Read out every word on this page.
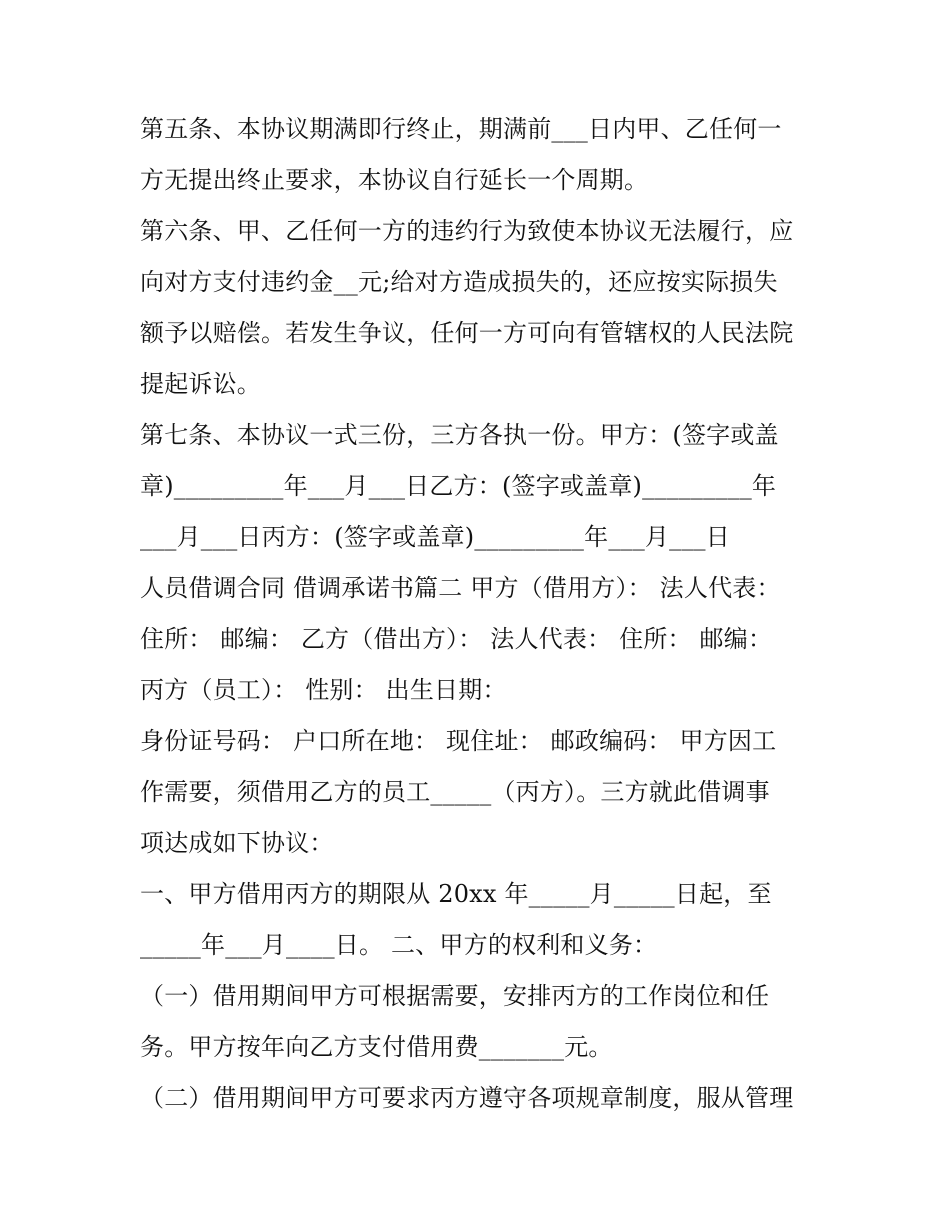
第五条、本协议期满即行终止，期满前___日内甲、乙任何一
方无提出终止要求，本协议自行延长一个周期。
第六条、甲、乙任何一方的违约行为致使本协议无法履行，应
向对方支付违约金__元;给对方造成损失的，还应按实际损失
额予以赔偿。若发生争议，任何一方可向有管辖权的人民法院
提起诉讼。
第七条、本协议一式三份，三方各执一份。甲方：(签字或盖
章)_________年___月___日乙方：(签字或盖章)_________年
___月___日丙方：(签字或盖章)_________年___月___日
人员借调合同 借调承诺书篇二 甲方（借用方）： 法人代表：
住所： 邮编： 乙方（借出方）： 法人代表： 住所： 邮编：
丙方（员工）： 性别： 出生日期：
身份证号码： 户口所在地： 现住址： 邮政编码： 甲方因工
作需要，须借用乙方的员工_____（丙方）。三方就此借调事
项达成如下协议：
一、甲方借用丙方的期限从 20xx 年_____月_____日起，至
_____年___月____日。 二、甲方的权利和义务：
（一）借用期间甲方可根据需要，安排丙方的工作岗位和任
务。甲方按年向乙方支付借用费_______元。
（二）借用期间甲方可要求丙方遵守各项规章制度，服从管理
